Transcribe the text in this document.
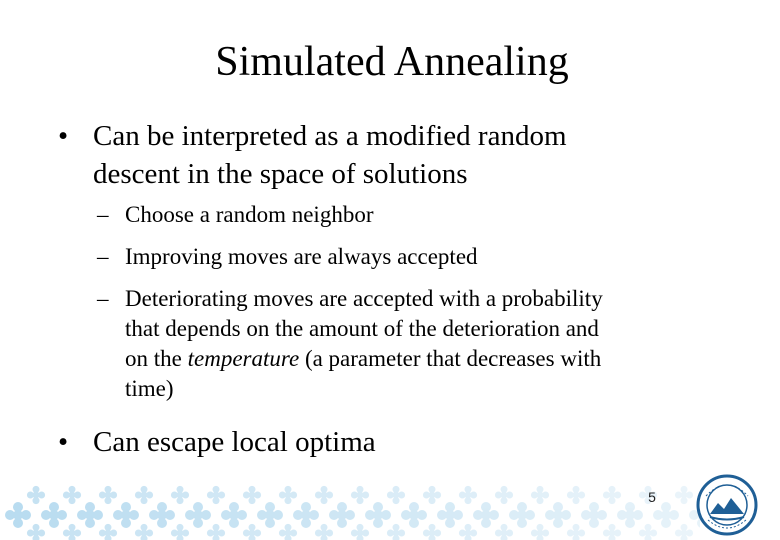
Simulated Annealing
• Can be interpreted as a modified random
descent in the space of solutions
– Choose a random neighbor
– Improving moves are always accepted
– Deteriorating moves are accepted with a probability
that depends on the amount of the deterioration and
on the temperature (a parameter that decreases with
time)
• Can escape local optima
5
